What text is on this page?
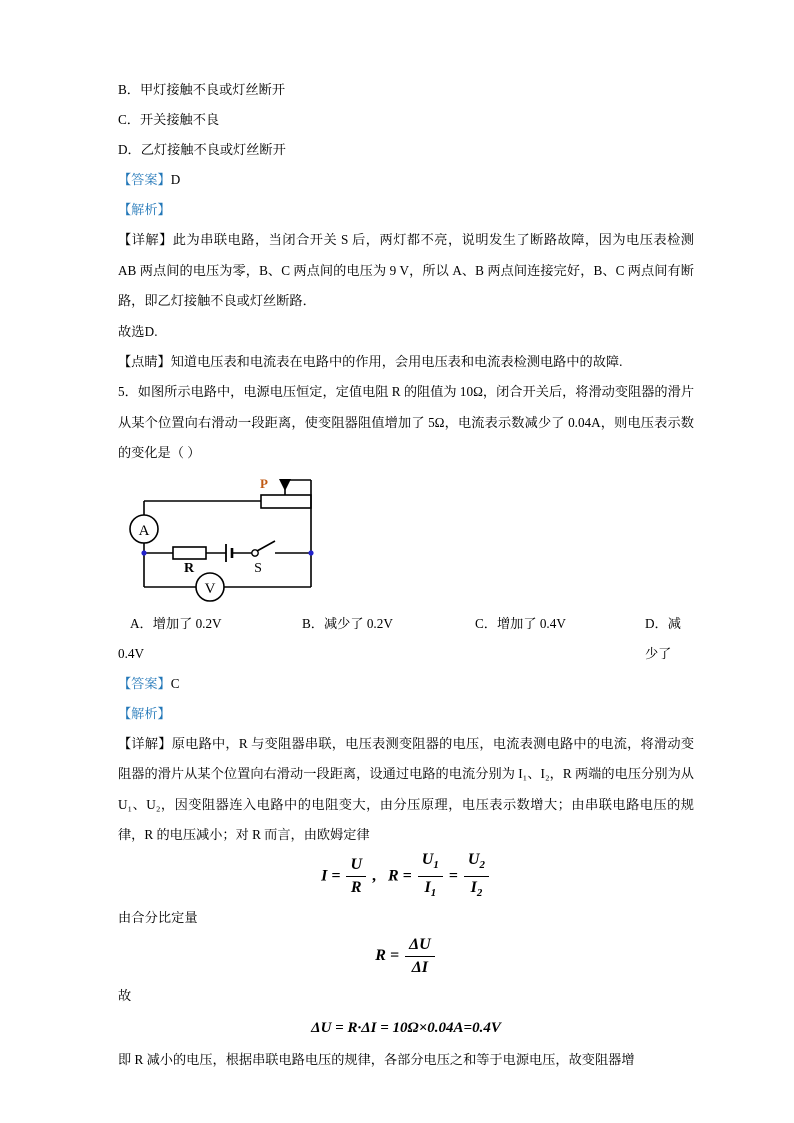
B．甲灯接触不良或灯丝断开
C．开关接触不良
D．乙灯接触不良或灯丝断开
【答案】D
【解析】
【详解】此为串联电路，当闭合开关 S 后，两灯都不亮，说明发生了断路故障，因为电压表检测 AB 两点间的电压为零，B、C 两点间的电压为 9 V，所以 A、B 两点间连接完好，B、C 两点间有断路，即乙灯接触不良或灯丝断路．
故选D.
【点睛】知道电压表和电流表在电路中的作用，会用电压表和电流表检测电路中的故障.
5．如图所示电路中，电源电压恒定，定值电阻 R 的阻值为 10Ω，闭合开关后，将滑动变阻器的滑片从某个位置向右滑动一段距离，使变阻器阻值增加了 5Ω，电流表示数减少了 0.04A，则电压表示数的变化是（ ）
P
A
R	S
V
A．增加了 0.2V	B．减少了 0.2V	C．增加了 0.4V	D．减少了
0.4V
【答案】C
【解析】
【详解】原电路中，R 与变阻器串联，电压表测变阻器的电压，电流表测电路中的电流，将滑动变阻器的滑片从某个位置向右滑动一段距离，设通过电路的电流分别为 I₁、I₂，R 两端的电压分别为从 U₁、U₂，因变阻器连入电路中的电阻变大，由分压原理，电压表示数增大；由串联电路电压的规律，R 的电压减小；对 R 而言，由欧姆定律
$I = \frac{U}{R}$ ,   $R = \frac{U_1}{I_1} = \frac{U_2}{I_2}$
由合分比定量
$R = \frac{\Delta U}{\Delta I}$
故
ΔU = R·ΔI = 10Ω×0.04A=0.4V
即 R 减小的电压，根据串联电路电压的规律，各部分电压之和等于电源电压，故变阻器增
